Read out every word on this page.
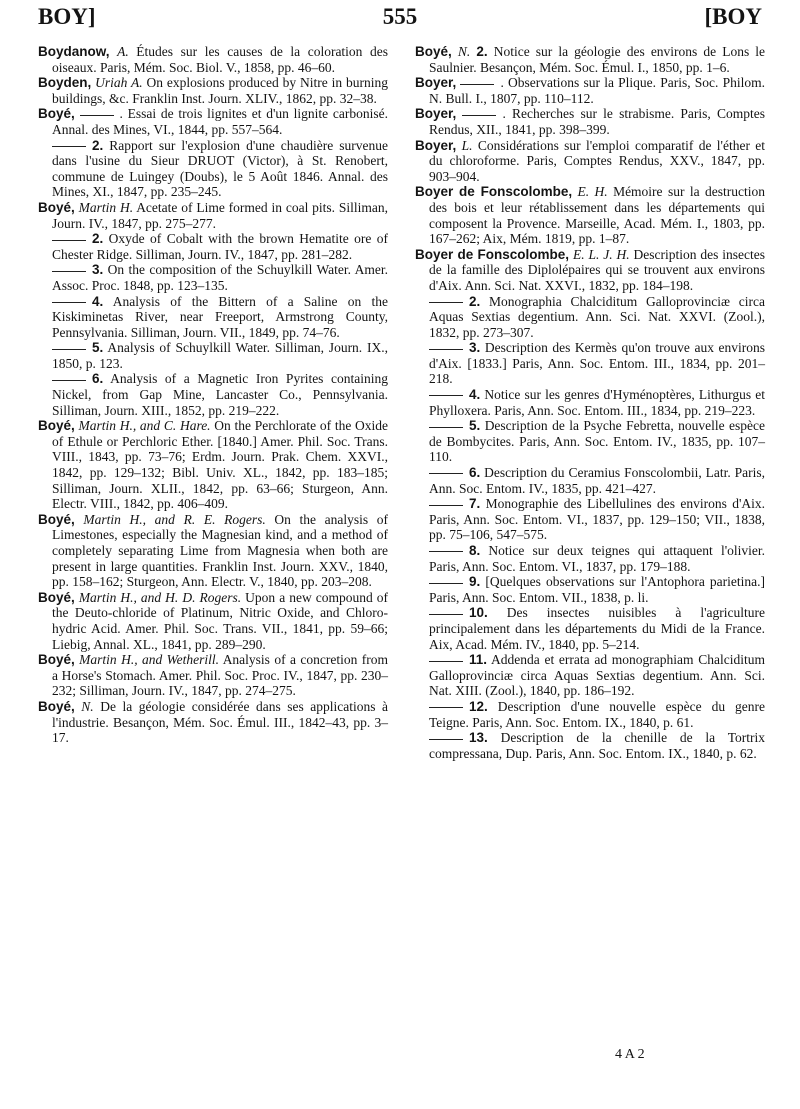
BOY]	555	[BOY

Boydanow, A. Études sur les causes de la coloration des oiseaux. Paris, Mém. Soc. Biol. V., 1858, pp. 46–60.

Boyden, Uriah A. On explosions produced by Nitre in burning buildings, &c. Franklin Inst. Journ. XLIV., 1862, pp. 32–38.

Boyé,	. Essai de trois lignites et d'un lignite carbonisé. Annal. des Mines, VI., 1844, pp. 557–564.

2. Rapport sur l'explosion d'une chaudière survenue dans l'usine du Sieur DRUOT (Victor), à St. Renobert, commune de Luingey (Doubs), le 5 Août 1846. Annal. des Mines, XI., 1847, pp. 235–245.

Boyé, Martin H. Acetate of Lime formed in coal pits. Silliman, Journ. IV., 1847, pp. 275–277.

2. Oxyde of Cobalt with the brown Hematite ore of Chester Ridge. Silliman, Journ. IV., 1847, pp. 281–282.

3. On the composition of the Schuylkill Water. Amer. Assoc. Proc. 1848, pp. 123–135.

4. Analysis of the Bittern of a Saline on the Kiskiminetas River, near Freeport, Armstrong County, Pennsylvania. Silliman, Journ. VII., 1849, pp. 74–76.

5. Analysis of Schuylkill Water. Silliman, Journ. IX., 1850, p. 123.

6. Analysis of a Magnetic Iron Pyrites containing Nickel, from Gap Mine, Lancaster Co., Pennsylvania. Silliman, Journ. XIII., 1852, pp. 219–222.

Boyé, Martin H., and C. Hare. On the Perchlorate of the Oxide of Ethule or Perchloric Ether. [1840.] Amer. Phil. Soc. Trans. VIII., 1843, pp. 73–76; Erdm. Journ. Prak. Chem. XXVI., 1842, pp. 129–132; Bibl. Univ. XL., 1842, pp. 183–185; Silliman, Journ. XLII., 1842, pp. 63–66; Sturgeon, Ann. Electr. VIII., 1842, pp. 406–409.

Boyé, Martin H., and R. E. Rogers. On the analysis of Limestones, especially the Magnesian kind, and a method of completely separating Lime from Magnesia when both are present in large quantities. Franklin Inst. Journ. XXV., 1840, pp. 158–162; Sturgeon, Ann. Electr. V., 1840, pp. 203–208.

Boyé, Martin H., and H. D. Rogers. Upon a new compound of the Deuto-chloride of Platinum, Nitric Oxide, and Chloro-hydric Acid. Amer. Phil. Soc. Trans. VII., 1841, pp. 59–66; Liebig, Annal. XL., 1841, pp. 289–290.

Boyé, Martin H., and Wetherill. Analysis of a concretion from a Horse's Stomach. Amer. Phil. Soc. Proc. IV., 1847, pp. 230–232; Silliman, Journ. IV., 1847, pp. 274–275.

Boyé, N. De la géologie considérée dans ses applications à l'industrie. Besançon, Mém. Soc. Émul. III., 1842–43, pp. 3–17.

Boyé, N. 2. Notice sur la géologie des environs de Lons le Saulnier. Besançon, Mém. Soc. Émul. I., 1850, pp. 1–6.

Boyer,	. Observations sur la Plique. Paris, Soc. Philom. N. Bull. I., 1807, pp. 110–112.

Boyer,	. Recherches sur le strabisme. Paris, Comptes Rendus, XII., 1841, pp. 398–399.

Boyer, L. Considérations sur l'emploi comparatif de l'éther et du chloroforme. Paris, Comptes Rendus, XXV., 1847, pp. 903–904.

Boyer de Fonscolombe, E. H. Mémoire sur la destruction des bois et leur rétablissement dans les départements qui composent la Provence. Marseille, Acad. Mém. I., 1803, pp. 167–262; Aix, Mém. 1819, pp. 1–87.

Boyer de Fonscolombe, E. L. J. H. Description des insectes de la famille des Diplolépaires qui se trouvent aux environs d'Aix. Ann. Sci. Nat. XXVI., 1832, pp. 184–198.

2. Monographia Chalciditum Galloprovinciæ circa Aquas Sextias degentium. Ann. Sci. Nat. XXVI. (Zool.), 1832, pp. 273–307.

3. Description des Kermès qu'on trouve aux environs d'Aix. [1833.] Paris, Ann. Soc. Entom. III., 1834, pp. 201–218.

4. Notice sur les genres d'Hyménoptères, Lithurgus et Phylloxera. Paris, Ann. Soc. Entom. III., 1834, pp. 219–223.

5. Description de la Psyche Febretta, nouvelle espèce de Bombycites. Paris, Ann. Soc. Entom. IV., 1835, pp. 107–110.

6. Description du Ceramius Fonscolombii, Latr. Paris, Ann. Soc. Entom. IV., 1835, pp. 421–427.

7. Monographie des Libellulines des environs d'Aix. Paris, Ann. Soc. Entom. VI., 1837, pp. 129–150; VII., 1838, pp. 75–106, 547–575.

8. Notice sur deux teignes qui attaquent l'olivier. Paris, Ann. Soc. Entom. VI., 1837, pp. 179–188.

9. [Quelques observations sur l'Antophora parietina.] Paris, Ann. Soc. Entom. VII., 1838, p. li.

10. Des insectes nuisibles à l'agriculture principalement dans les départements du Midi de la France. Aix, Acad. Mém. IV., 1840, pp. 5–214.

11. Addenda et errata ad monographiam Chalciditum Galloprovinciæ circa Aquas Sextias degentium. Ann. Sci. Nat. XIII. (Zool.), 1840, pp. 186–192.

12. Description d'une nouvelle espèce du genre Teigne. Paris, Ann. Soc. Entom. IX., 1840, p. 61.

13. Description de la chenille de la Tortrix compressana, Dup. Paris, Ann. Soc. Entom. IX., 1840, p. 62.

4 A 2
